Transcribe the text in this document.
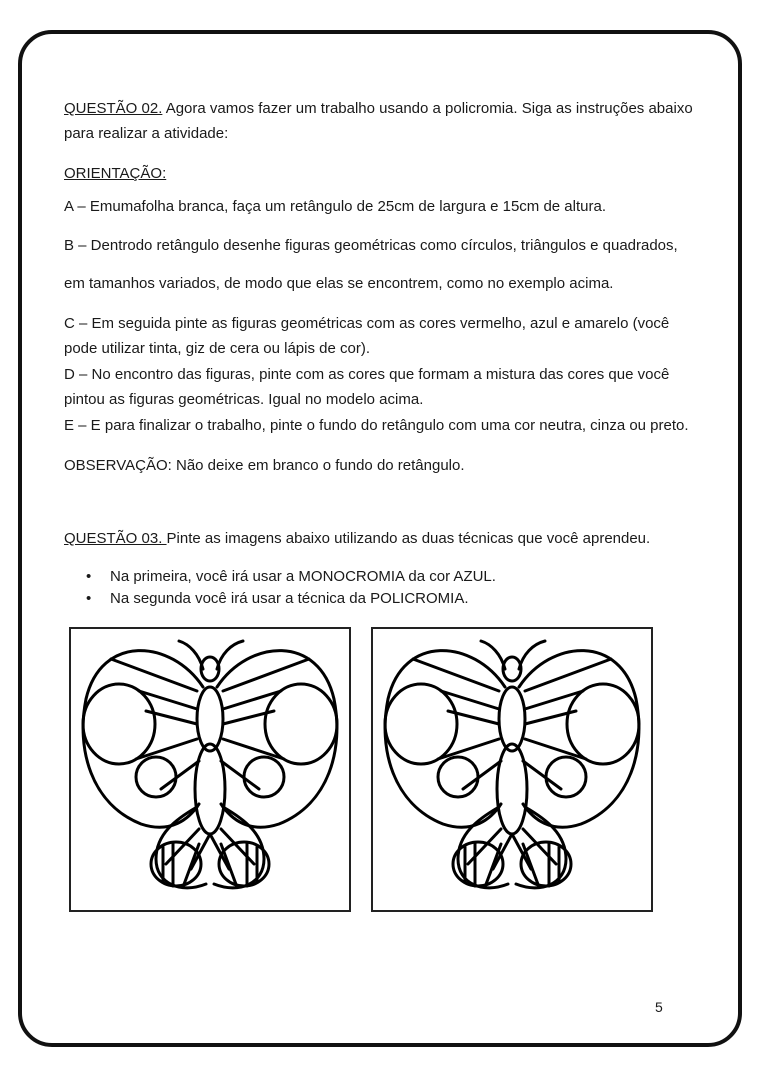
QUESTÃO 02. Agora vamos fazer um trabalho usando a policromia. Siga as instruções abaixo para realizar a atividade:

ORIENTAÇÃO:

A – Emumafolha branca, faça um retângulo de 25cm de largura e 15cm de altura.

B – Dentrodo retângulo desenhe figuras geométricas como círculos, triângulos e quadrados,

em tamanhos variados, de modo que elas se encontrem, como no exemplo acima.

C – Em seguida pinte as figuras geométricas com as cores vermelho, azul e amarelo (você pode utilizar tinta, giz de cera ou lápis de cor).

D – No encontro das figuras, pinte com as cores que formam a mistura das cores que você pintou as figuras geométricas. Igual no modelo acima.

E – E para finalizar o trabalho, pinte o fundo do retângulo com uma cor neutra, cinza ou preto.

OBSERVAÇÃO: Não deixe em branco o fundo do retângulo.

QUESTÃO 03. Pinte as imagens abaixo utilizando as duas técnicas que você aprendeu.

• Na primeira, você irá usar a MONOCROMIA da cor AZUL.
• Na segunda você irá usar a técnica da POLICROMIA.
5
